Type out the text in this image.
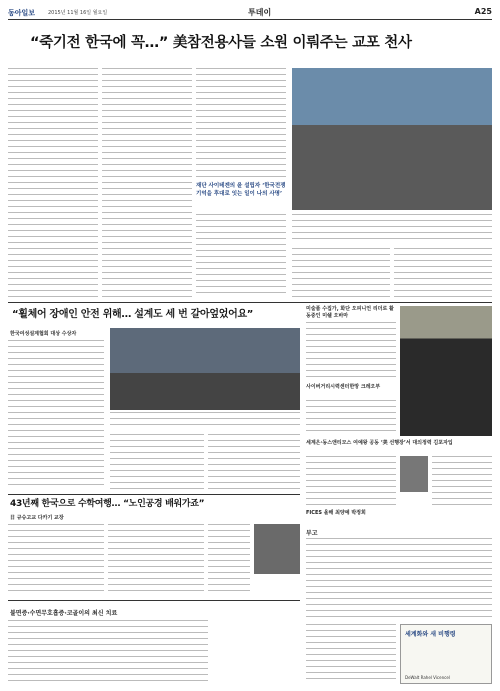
동아일보	2015년 11월 16일 월요일	투데이	A25
“죽기전 한국에 꼭…” 美참전용사들 소원 이뤄주는 교포 천사
재단 사이테겐의 윤 설립자 ‘한국전쟁 기억을 후대로 잇는 일이 나의 사명’
“휠체어 장애인 안전 위해… 설계도 세 번 갈아엎었어요”
한국여성설계협회 대상 수상자
미술품 수집가, 화단 오피니언 리더로 활동중인 미쉘 오바마
사이버거리시력센터한망 크레오부
세계은·동스앤티모스 여예왕 공동 ‘美 선행장’서 대의정력 김포자입
FICES 올해 최양예 박정희
43년째 한국으로 수학여행… “노인공경 배워가죠”
日 규슈고교 다카기 교장
불면증·수면무호흡증·코골이의 최신 치료
부고
세계화와 새 비행령
DeWalt Rahel Vicencel
